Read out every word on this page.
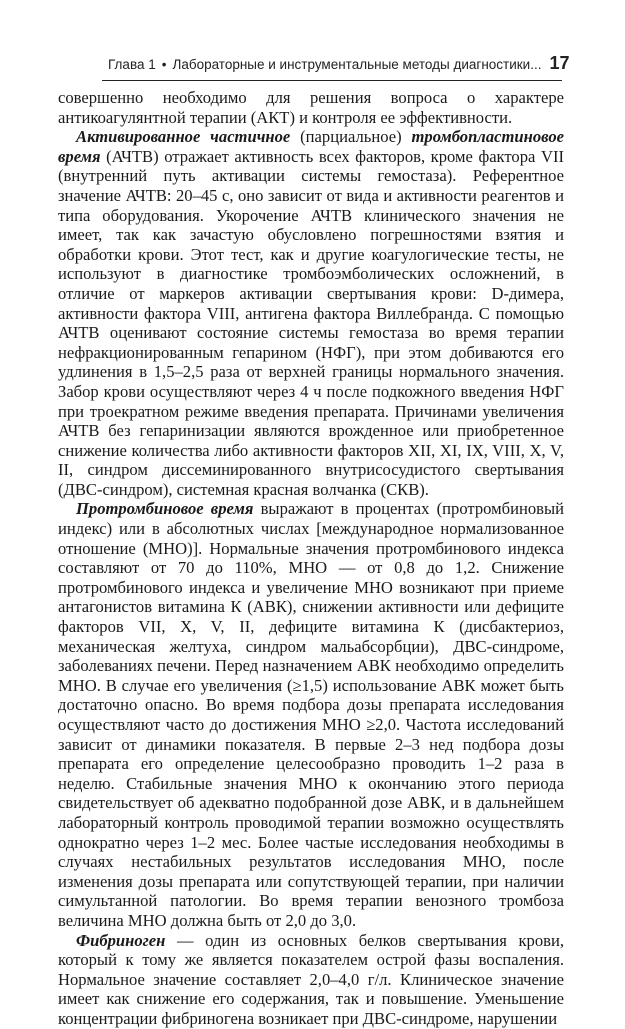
Глава 1 • Лабораторные и инструментальные методы диагностики... 17

совершенно необходимо для решения вопроса о характере антикоагулянтной терапии (АКТ) и контроля ее эффективности.

Активированное частичное (парциальное) тромбопластиновое время (АЧТВ) отражает активность всех факторов, кроме фактора VII (внутренний путь активации системы гемостаза). Референтное значение АЧТВ: 20–45 с, оно зависит от вида и активности реагентов и типа оборудования. Укорочение АЧТВ клинического значения не имеет, так как зачастую обусловлено погрешностями взятия и обработки крови. Этот тест, как и другие коагулогические тесты, не используют в диагностике тромбоэмболических осложнений, в отличие от маркеров активации свертывания крови: D-димера, активности фактора VIII, антигена фактора Виллебранда. С помощью АЧТВ оценивают состояние системы гемостаза во время терапии нефракционированным гепарином (НФГ), при этом добиваются его удлинения в 1,5–2,5 раза от верхней границы нормального значения. Забор крови осуществляют через 4 ч после подкожного введения НФГ при троекратном режиме введения препарата. Причинами увеличения АЧТВ без гепаринизации являются врожденное или приобретенное снижение количества либо активности факторов XII, XI, IX, VIII, X, V, II, синдром диссеминированного внутрисосудистого свертывания (ДВС-синдром), системная красная волчанка (СКВ).

Протромбиновое время выражают в процентах (протромбиновый индекс) или в абсолютных числах [международное нормализованное отношение (МНО)]. Нормальные значения протромбинового индекса составляют от 70 до 110%, МНО — от 0,8 до 1,2. Снижение протромбинового индекса и увеличение МНО возникают при приеме антагонистов витамина К (АВК), снижении активности или дефиците факторов VII, X, V, II, дефиците витамина К (дисбактериоз, механическая желтуха, синдром мальабсорбции), ДВС-синдроме, заболеваниях печени. Перед назначением АВК необходимо определить МНО. В случае его увеличения (≥1,5) использование АВК может быть достаточно опасно. Во время подбора дозы препарата исследования осуществляют часто до достижения МНО ≥2,0. Частота исследований зависит от динамики показателя. В первые 2–3 нед подбора дозы препарата его определение целесообразно проводить 1–2 раза в неделю. Стабильные значения МНО к окончанию этого периода свидетельствует об адекватно подобранной дозе АВК, и в дальнейшем лабораторный контроль проводимой терапии возможно осуществлять однократно через 1–2 мес. Более частые исследования необходимы в случаях нестабильных результатов исследования МНО, после изменения дозы препарата или сопутствующей терапии, при наличии симультанной патологии. Во время терапии венозного тромбоза величина МНО должна быть от 2,0 до 3,0.

Фибриноген — один из основных белков свертывания крови, который к тому же является показателем острой фазы воспаления. Нормальное значение составляет 2,0–4,0 г/л. Клиническое значение имеет как снижение его содержания, так и повышение. Уменьшение концентрации фибриногена возникает при ДВС-синдроме, нарушении
